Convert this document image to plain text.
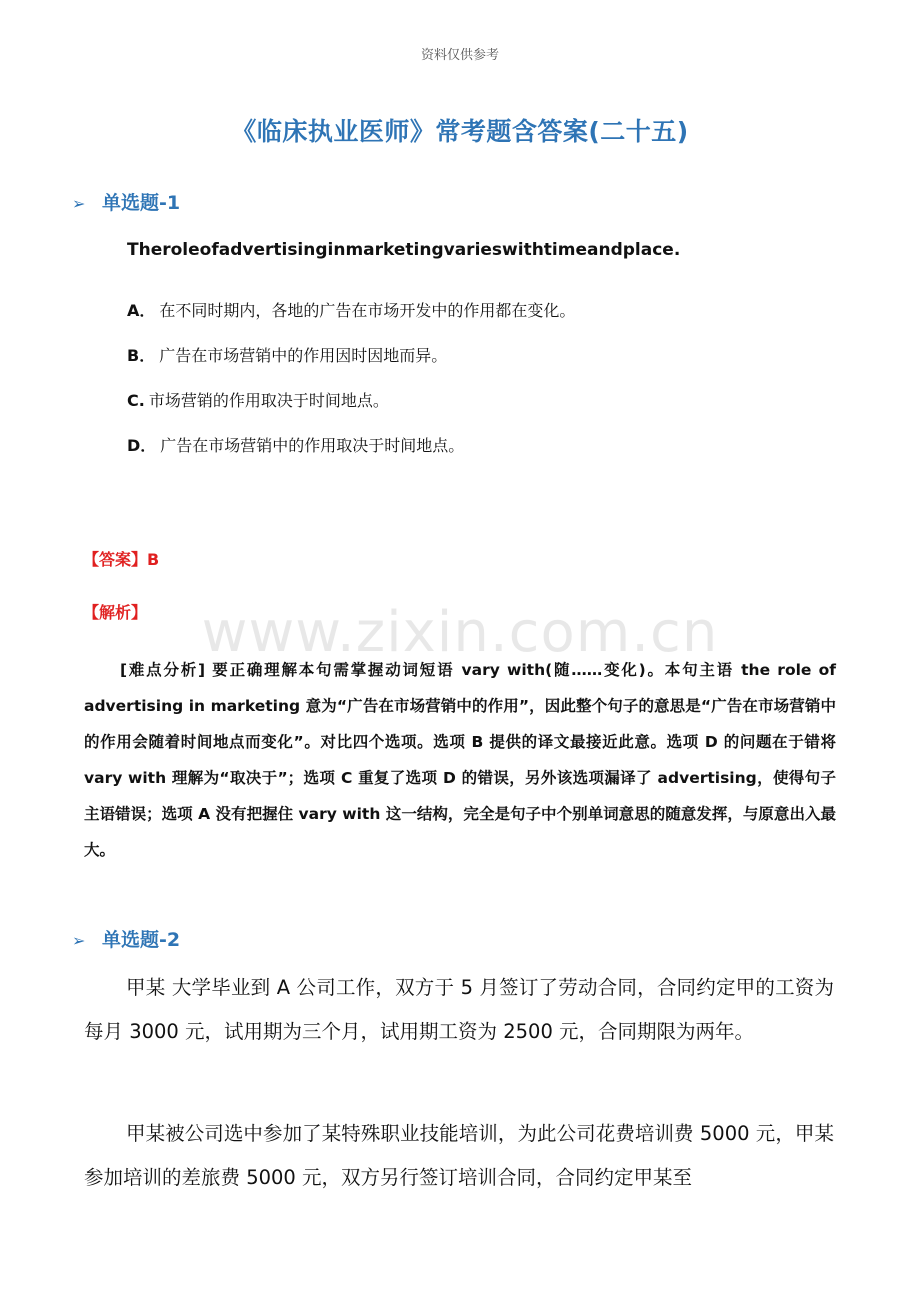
资料仅供参考
《临床执业医师》常考题含答案(二十五)
www.zixin.com.cn
➢ 单选题-1
Theroleofadvertisinginmarketingvarieswithtimeandplace.
A． 在不同时期内，各地的广告在市场开发中的作用都在变化。
B． 广告在市场营销中的作用因时因地而异。
C. 市场营销的作用取决于时间地点。
D． 广告在市场营销中的作用取决于时间地点。
【答案】B
【解析】
[难点分析] 要正确理解本句需掌握动词短语 vary with(随……变化)。本句主语 the role of advertising in marketing 意为“广告在市场营销中的作用”，因此整个句子的意思是“广告在市场营销中的作用会随着时间地点而变化”。对比四个选项。选项 B 提供的译文最接近此意。选项 D 的问题在于错将 vary with 理解为“取决于”；选项 C 重复了选项 D 的错误，另外该选项漏译了 advertising，使得句子主语错误；选项 A 没有把握住 vary with 这一结构，完全是句子中个别单词意思的随意发挥，与原意出入最大。
➢ 单选题-2
甲某 大学毕业到 A 公司工作，双方于 5 月签订了劳动合同，合同约定甲的工资为每月 3000 元，试用期为三个月，试用期工资为 2500 元，合同期限为两年。
甲某被公司选中参加了某特殊职业技能培训，为此公司花费培训费 5000 元，甲某参加培训的差旅费 5000 元，双方另行签订培训合同，合同约定甲某至
